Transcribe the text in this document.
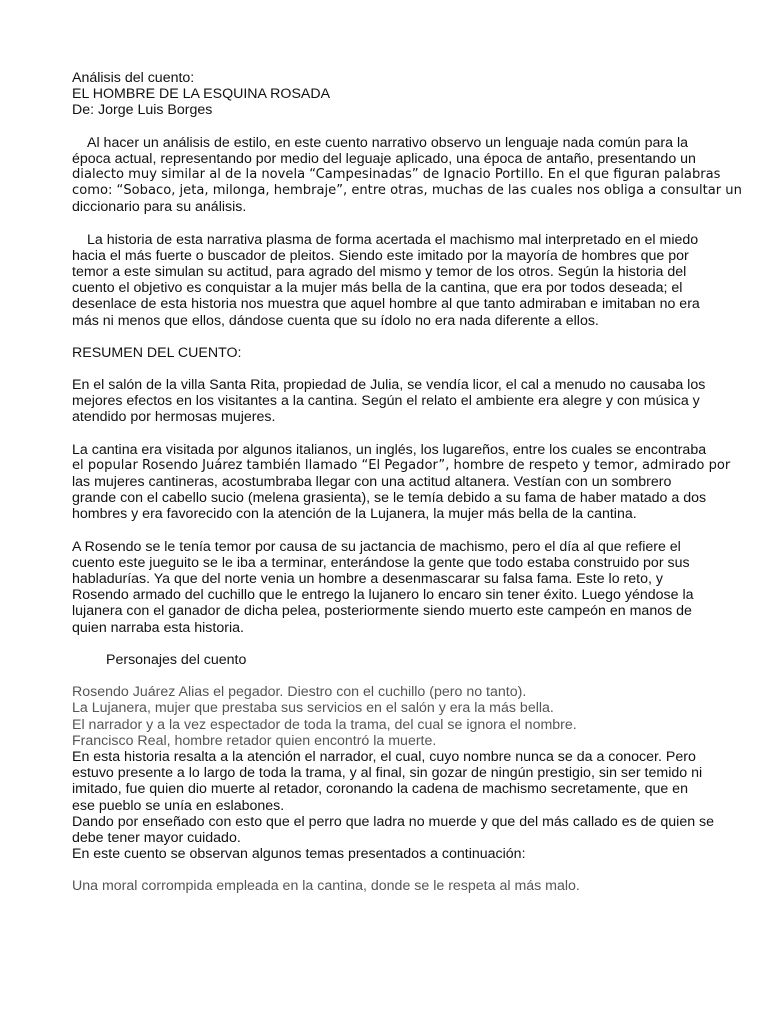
Análisis del cuento:
EL HOMBRE DE LA ESQUINA ROSADA
De: Jorge Luis Borges
Al hacer un análisis de estilo, en este cuento narrativo observo un lenguaje nada común para la
época actual, representando por medio del leguaje aplicado, una época de antaño, presentando un
dialecto muy similar al de la novela “Campesinadas” de Ignacio Portillo. En el que figuran palabras
como: “Sobaco, jeta, milonga, hembraje”, entre otras, muchas de las cuales nos obliga a consultar un
diccionario para su análisis.
La historia de esta narrativa plasma de forma acertada el machismo mal interpretado en el miedo
hacia el más fuerte o buscador de pleitos. Siendo este imitado por la mayoría de hombres que por
temor a este simulan su actitud, para agrado del mismo y temor de los otros. Según la historia del
cuento el objetivo es conquistar a la mujer más bella de la cantina, que era por todos deseada; el
desenlace de esta historia nos muestra que aquel hombre al que tanto admiraban e imitaban no era
más ni menos que ellos, dándose cuenta que su ídolo no era nada diferente a ellos.
RESUMEN DEL CUENTO:
En el salón de la villa Santa Rita, propiedad de Julia, se vendía licor, el cal a menudo no causaba los
mejores efectos en los visitantes a la cantina. Según el relato el ambiente era alegre y con música y
atendido por hermosas mujeres.
La cantina era visitada por algunos italianos, un inglés, los lugareños, entre los cuales se encontraba
el popular Rosendo Juárez también llamado “El Pegador”, hombre de respeto y temor, admirado por
las mujeres cantineras, acostumbraba llegar con una actitud altanera. Vestían con un sombrero
grande con el cabello sucio (melena grasienta), se le temía debido a su fama de haber matado a dos
hombres y era favorecido con la atención de la Lujanera, la mujer más bella de la cantina.
A Rosendo se le tenía temor por causa de su jactancia de machismo, pero el día al que refiere el
cuento este jueguito se le iba a terminar, enterándose la gente que todo estaba construido por sus
habladurías. Ya que del norte venia un hombre a desenmascarar su falsa fama. Este lo reto, y
Rosendo armado del cuchillo que le entrego la lujanero lo encaro sin tener éxito. Luego yéndose la
lujanera con el ganador de dicha pelea, posteriormente siendo muerto este campeón en manos de
quien narraba esta historia.
Personajes del cuento
Rosendo Juárez Alias el pegador. Diestro con el cuchillo (pero no tanto).
La Lujanera, mujer que prestaba sus servicios en el salón y era la más bella.
El narrador y a la vez espectador de toda la trama, del cual se ignora el nombre.
Francisco Real, hombre retador quien encontró la muerte.
En esta historia resalta a la atención el narrador, el cual, cuyo nombre nunca se da a conocer. Pero
estuvo presente a lo largo de toda la trama, y al final, sin gozar de ningún prestigio, sin ser temido ni
imitado, fue quien dio muerte al retador, coronando la cadena de machismo secretamente, que en
ese pueblo se unía en eslabones.
Dando por enseñado con esto que el perro que ladra no muerde y que del más callado es de quien se
debe tener mayor cuidado.
En este cuento se observan algunos temas presentados a continuación:
Una moral corrompida empleada en la cantina, donde se le respeta al más malo.
